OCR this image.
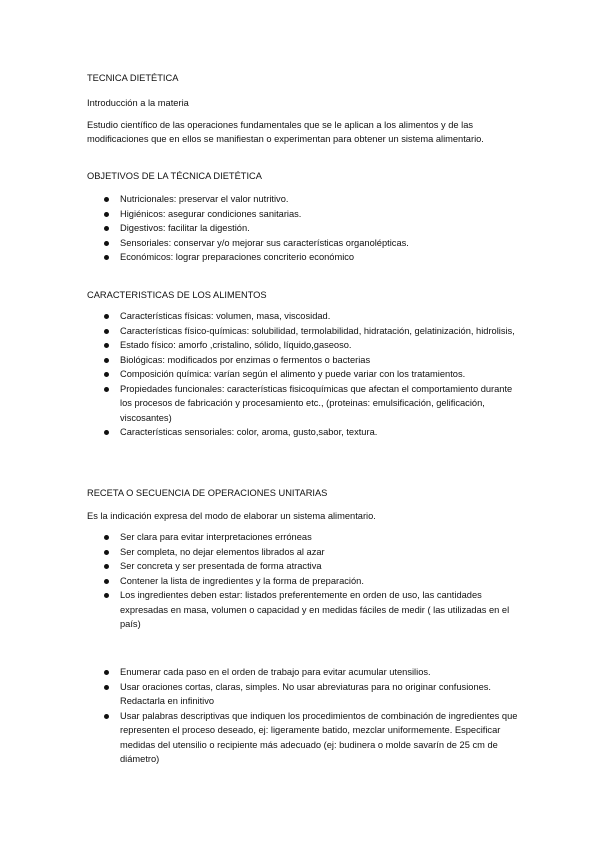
TECNICA DIETÉTICA
Introducción a la materia
Estudio científico de las operaciones fundamentales que se le aplican a los alimentos y de las modificaciones que en ellos se manifiestan o experimentan para obtener un sistema alimentario.
OBJETIVOS DE LA TÉCNICA DIETÉTICA
Nutricionales: preservar el valor nutritivo.
Higiénicos: asegurar condiciones sanitarias.
Digestivos: facilitar la digestión.
Sensoriales: conservar y/o mejorar sus características organolépticas.
Económicos: lograr preparaciones concriterio económico
CARACTERISTICAS DE LOS ALIMENTOS
Características físicas: volumen, masa, viscosidad.
Características físico-químicas: solubilidad, termolabilidad, hidratación, gelatinización, hidrolisis,
Estado físico: amorfo ,cristalino, sólido, líquido,gaseoso.
Biológicas: modificados por enzimas o fermentos o bacterias
Composición química: varían según el alimento y puede variar con los tratamientos.
Propiedades funcionales: características fisicoquímicas que afectan el comportamiento durante los procesos de fabricación y procesamiento etc., (proteinas: emulsificación, gelificación, viscosantes)
Características sensoriales: color, aroma, gusto,sabor, textura.
RECETA O SECUENCIA DE OPERACIONES UNITARIAS
Es la indicación expresa del modo de elaborar un sistema alimentario.
Ser clara para evitar interpretaciones erróneas
Ser completa, no dejar elementos librados al azar
Ser concreta y ser presentada de forma atractiva
Contener la lista de ingredientes y la forma de preparación.
Los ingredientes deben estar: listados preferentemente en orden de uso, las cantidades expresadas en masa, volumen o capacidad y en medidas fáciles de medir ( las utilizadas en el país)
Enumerar cada paso en el orden de trabajo para evitar acumular utensilios.
Usar oraciones cortas, claras, simples. No usar abreviaturas para no originar confusiones. Redactarla en infinitivo
Usar palabras descriptivas que indiquen los procedimientos de combinación de ingredientes que representen el proceso deseado, ej: ligeramente batido, mezclar uniformemente. Especificar medidas del utensilio o recipiente más adecuado (ej: budinera o molde savarín de 25 cm de diámetro)
